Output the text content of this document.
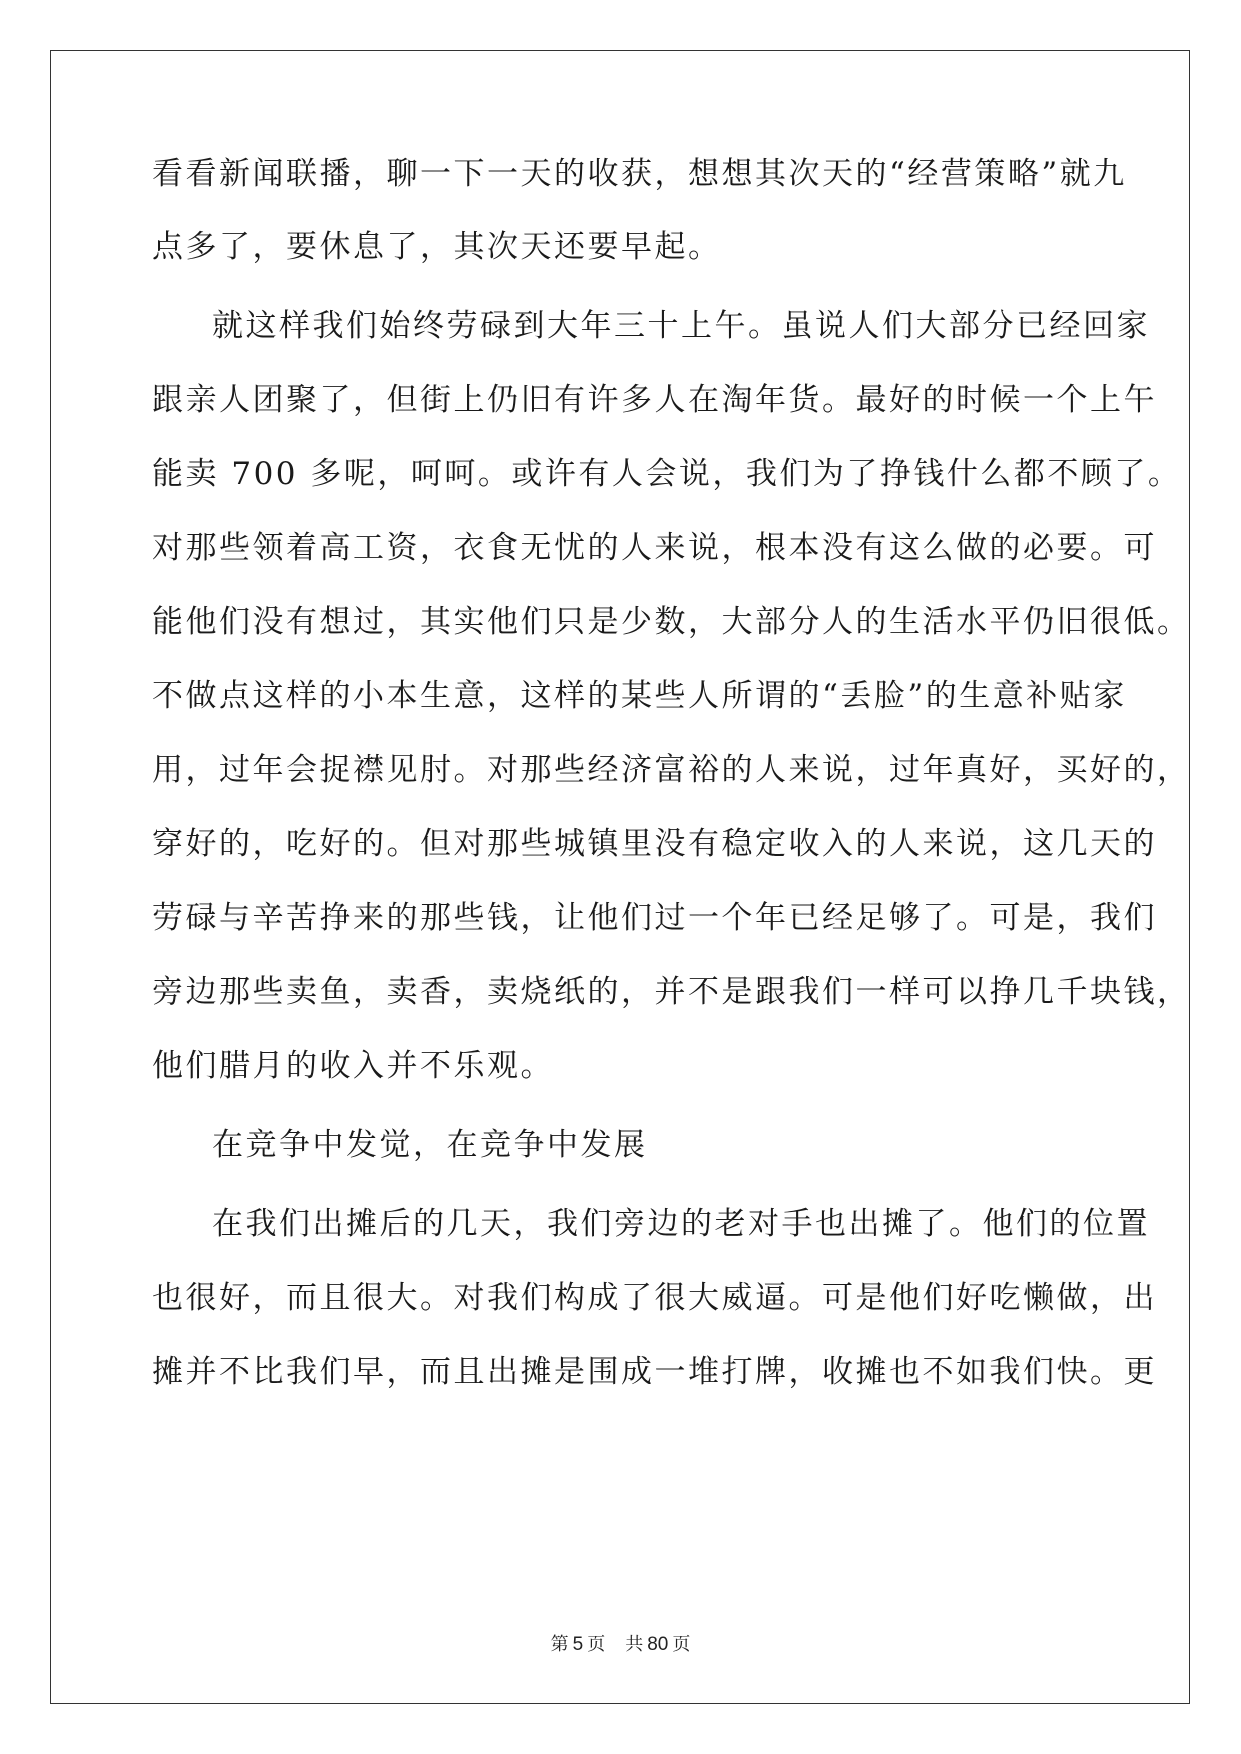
看看新闻联播，聊一下一天的收获，想想其次天的“经营策略”就九
点多了，要休息了，其次天还要早起。
就这样我们始终劳碌到大年三十上午。虽说人们大部分已经回家
跟亲人团聚了，但街上仍旧有许多人在淘年货。最好的时候一个上午
能卖 700 多呢，呵呵。或许有人会说，我们为了挣钱什么都不顾了。
对那些领着高工资，衣食无忧的人来说，根本没有这么做的必要。可
能他们没有想过，其实他们只是少数，大部分人的生活水平仍旧很低。
不做点这样的小本生意，这样的某些人所谓的“丢脸”的生意补贴家
用，过年会捉襟见肘。对那些经济富裕的人来说，过年真好，买好的，
穿好的，吃好的。但对那些城镇里没有稳定收入的人来说，这几天的
劳碌与辛苦挣来的那些钱，让他们过一个年已经足够了。可是，我们
旁边那些卖鱼，卖香，卖烧纸的，并不是跟我们一样可以挣几千块钱，
他们腊月的收入并不乐观。
在竞争中发觉，在竞争中发展
在我们出摊后的几天，我们旁边的老对手也出摊了。他们的位置
也很好，而且很大。对我们构成了很大威逼。可是他们好吃懒做，出
摊并不比我们早，而且出摊是围成一堆打牌，收摊也不如我们快。更
第 5 页 共 80 页
